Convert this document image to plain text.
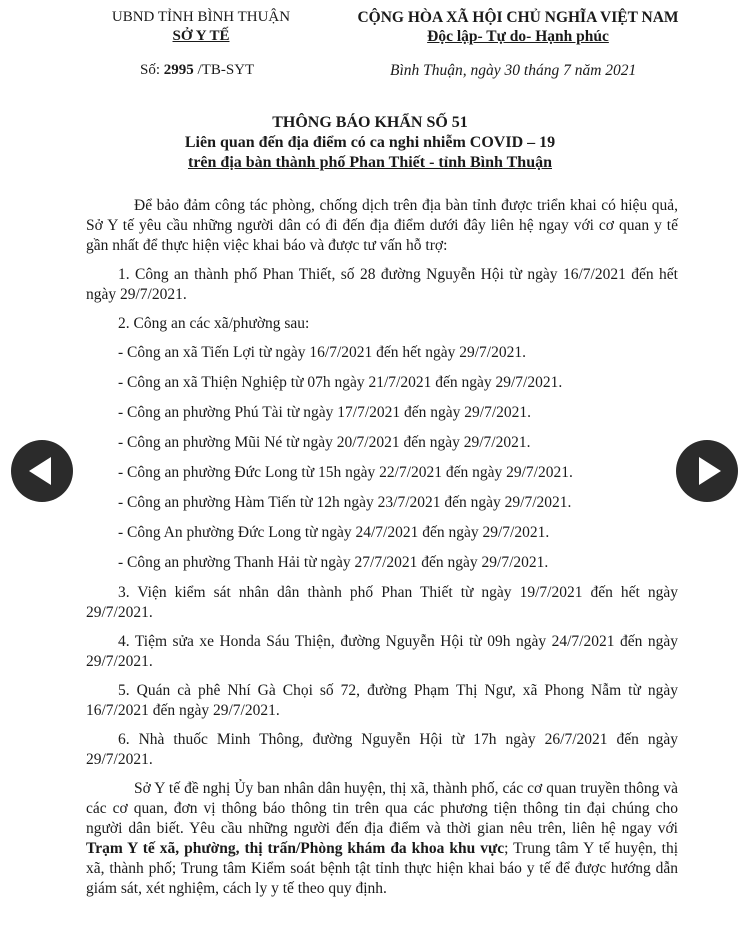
UBND TỈNH BÌNH THUẬN
SỞ Y TẾ
CỘNG HÒA XÃ HỘI CHỦ NGHĨA VIỆT NAM
Độc lập- Tự do- Hạnh phúc
Số: 2995 /TB-SYT	Bình Thuận, ngày 30 tháng 7 năm 2021
THÔNG BÁO KHẨN SỐ 51
Liên quan đến địa điểm có ca nghi nhiễm COVID – 19
trên địa bàn thành phố Phan Thiết - tỉnh Bình Thuận

Để bảo đảm công tác phòng, chống dịch trên địa bàn tỉnh được triển khai có hiệu quả, Sở Y tế yêu cầu những người dân có đi đến địa điểm dưới đây liên hệ ngay với cơ quan y tế gần nhất để thực hiện việc khai báo và được tư vấn hỗ trợ:

1. Công an thành phố Phan Thiết, số 28 đường Nguyễn Hội từ ngày 16/7/2021 đến hết ngày 29/7/2021.

2. Công an các xã/phường sau:

- Công an xã Tiến Lợi từ ngày 16/7/2021 đến hết ngày 29/7/2021.

- Công an xã Thiện Nghiệp từ 07h ngày 21/7/2021 đến ngày 29/7/2021.

- Công an phường Phú Tài từ ngày 17/7/2021 đến ngày 29/7/2021.

- Công an phường Mũi Né từ ngày 20/7/2021 đến ngày 29/7/2021.

- Công an phường Đức Long từ 15h ngày 22/7/2021 đến ngày 29/7/2021.

- Công an phường Hàm Tiến từ 12h ngày 23/7/2021 đến ngày 29/7/2021.

- Công An phường Đức Long từ ngày 24/7/2021 đến ngày 29/7/2021.

- Công an phường Thanh Hải từ ngày 27/7/2021 đến ngày 29/7/2021.

3. Viện kiểm sát nhân dân thành phố Phan Thiết từ ngày 19/7/2021 đến hết ngày 29/7/2021.

4. Tiệm sửa xe Honda Sáu Thiện, đường Nguyễn Hội từ 09h ngày 24/7/2021 đến ngày 29/7/2021.

5. Quán cà phê Nhí Gà Chọi số 72, đường Phạm Thị Ngư, xã Phong Nẫm từ ngày 16/7/2021 đến ngày 29/7/2021.

6. Nhà thuốc Minh Thông, đường Nguyễn Hội từ 17h ngày 26/7/2021 đến ngày 29/7/2021.

Sở Y tế đề nghị Ủy ban nhân dân huyện, thị xã, thành phố, các cơ quan truyền thông và các cơ quan, đơn vị thông báo thông tin trên qua các phương tiện thông tin đại chúng cho người dân biết. Yêu cầu những người đến địa điểm và thời gian nêu trên, liên hệ ngay với Trạm Y tế xã, phường, thị trấn/Phòng khám đa khoa khu vực; Trung tâm Y tế huyện, thị xã, thành phố; Trung tâm Kiểm soát bệnh tật tỉnh thực hiện khai báo y tế để được hướng dẫn giám sát, xét nghiệm, cách ly y tế theo quy định.
